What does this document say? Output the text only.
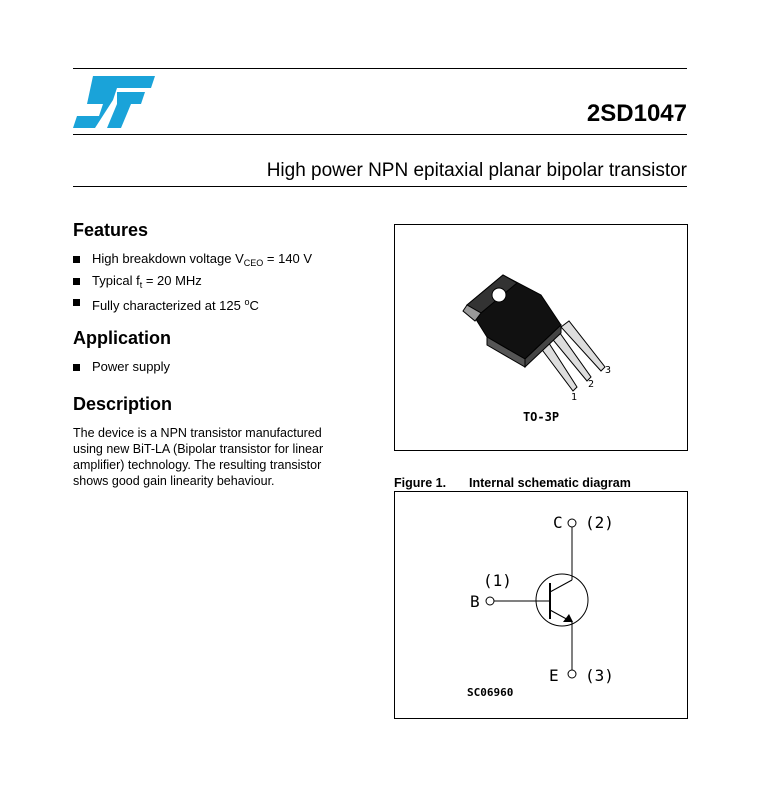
2SD1047
High power NPN epitaxial planar bipolar transistor
Features
High breakdown voltage $V_{CEO} = 140$ V
Typical $f_t = 20$ MHz
Fully characterized at 125 $^o$C
Application
Power supply
Description

The device is a NPN transistor manufactured using new BiT-LA (Bipolar transistor for linear amplifier) technology. The resulting transistor shows good gain linearity behaviour.

1
2
3
TO-3P
Figure 1. Internal schematic diagram
C (2)
B
(1)
E (3)
SC06960
